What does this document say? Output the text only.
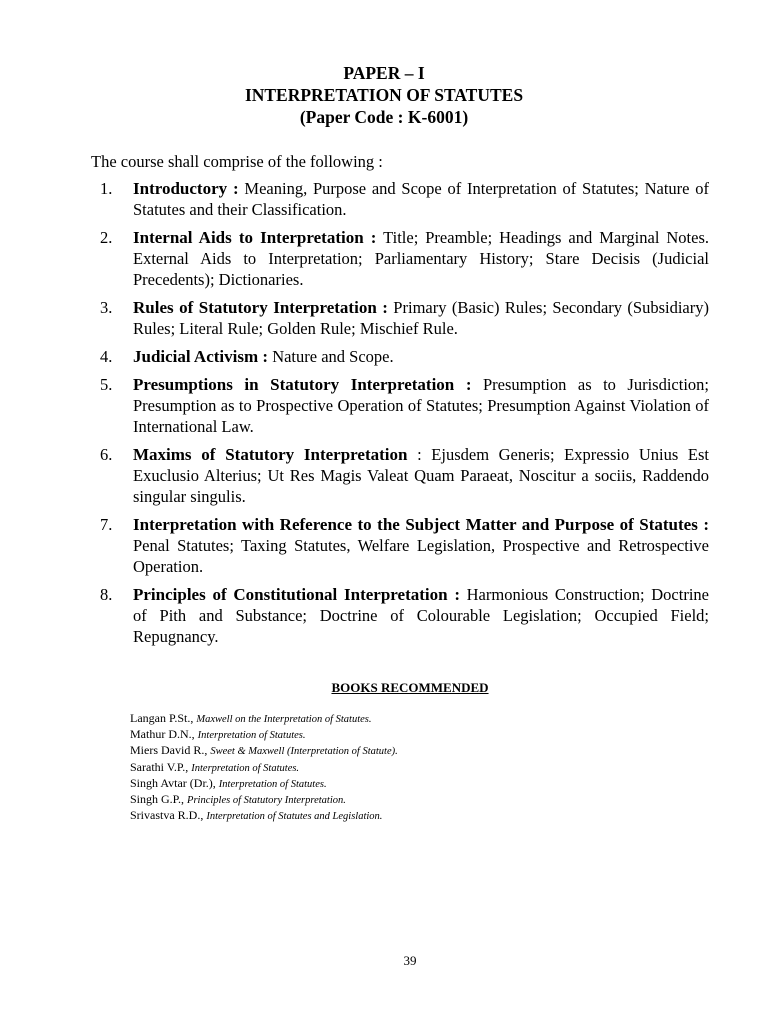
PAPER – I
INTERPRETATION OF STATUTES
(Paper Code : K-6001)
The course shall comprise of the following :
1.	Introductory : Meaning, Purpose and Scope of Interpretation of Statutes; Nature of Statutes and their Classification.
2.	Internal Aids to Interpretation : Title; Preamble; Headings and Marginal Notes. External Aids to Interpretation; Parliamentary History; Stare Decisis (Judicial Precedents); Dictionaries.
3.	Rules of Statutory Interpretation : Primary (Basic) Rules; Secondary (Subsidiary) Rules; Literal Rule; Golden Rule; Mischief Rule.
4.	Judicial Activism : Nature and Scope.
5.	Presumptions in Statutory Interpretation : Presumption as to Jurisdiction; Presumption as to Prospective Operation of Statutes; Presumption Against Violation of International Law.
6.	Maxims of Statutory Interpretation : Ejusdem Generis; Expressio Unius Est Exuclusio Alterius; Ut Res Magis Valeat Quam Paraeat, Noscitur a sociis, Raddendo singular singulis.
7.	Interpretation with Reference to the Subject Matter and Purpose of Statutes : Penal Statutes; Taxing Statutes, Welfare Legislation, Prospective and Retrospective Operation.
8.	Principles of Constitutional Interpretation : Harmonious Construction; Doctrine of Pith and Substance; Doctrine of Colourable Legislation; Occupied Field; Repugnancy.
BOOKS RECOMMENDED
Langan P.St., Maxwell on the Interpretation of Statutes.
Mathur D.N., Interpretation of Statutes.
Miers David R., Sweet & Maxwell (Interpretation of Statute).
Sarathi V.P., Interpretation of Statutes.
Singh Avtar (Dr.), Interpretation of Statutes.
Singh G.P., Principles of Statutory Interpretation.
Srivastva R.D., Interpretation of Statutes and Legislation.
39
